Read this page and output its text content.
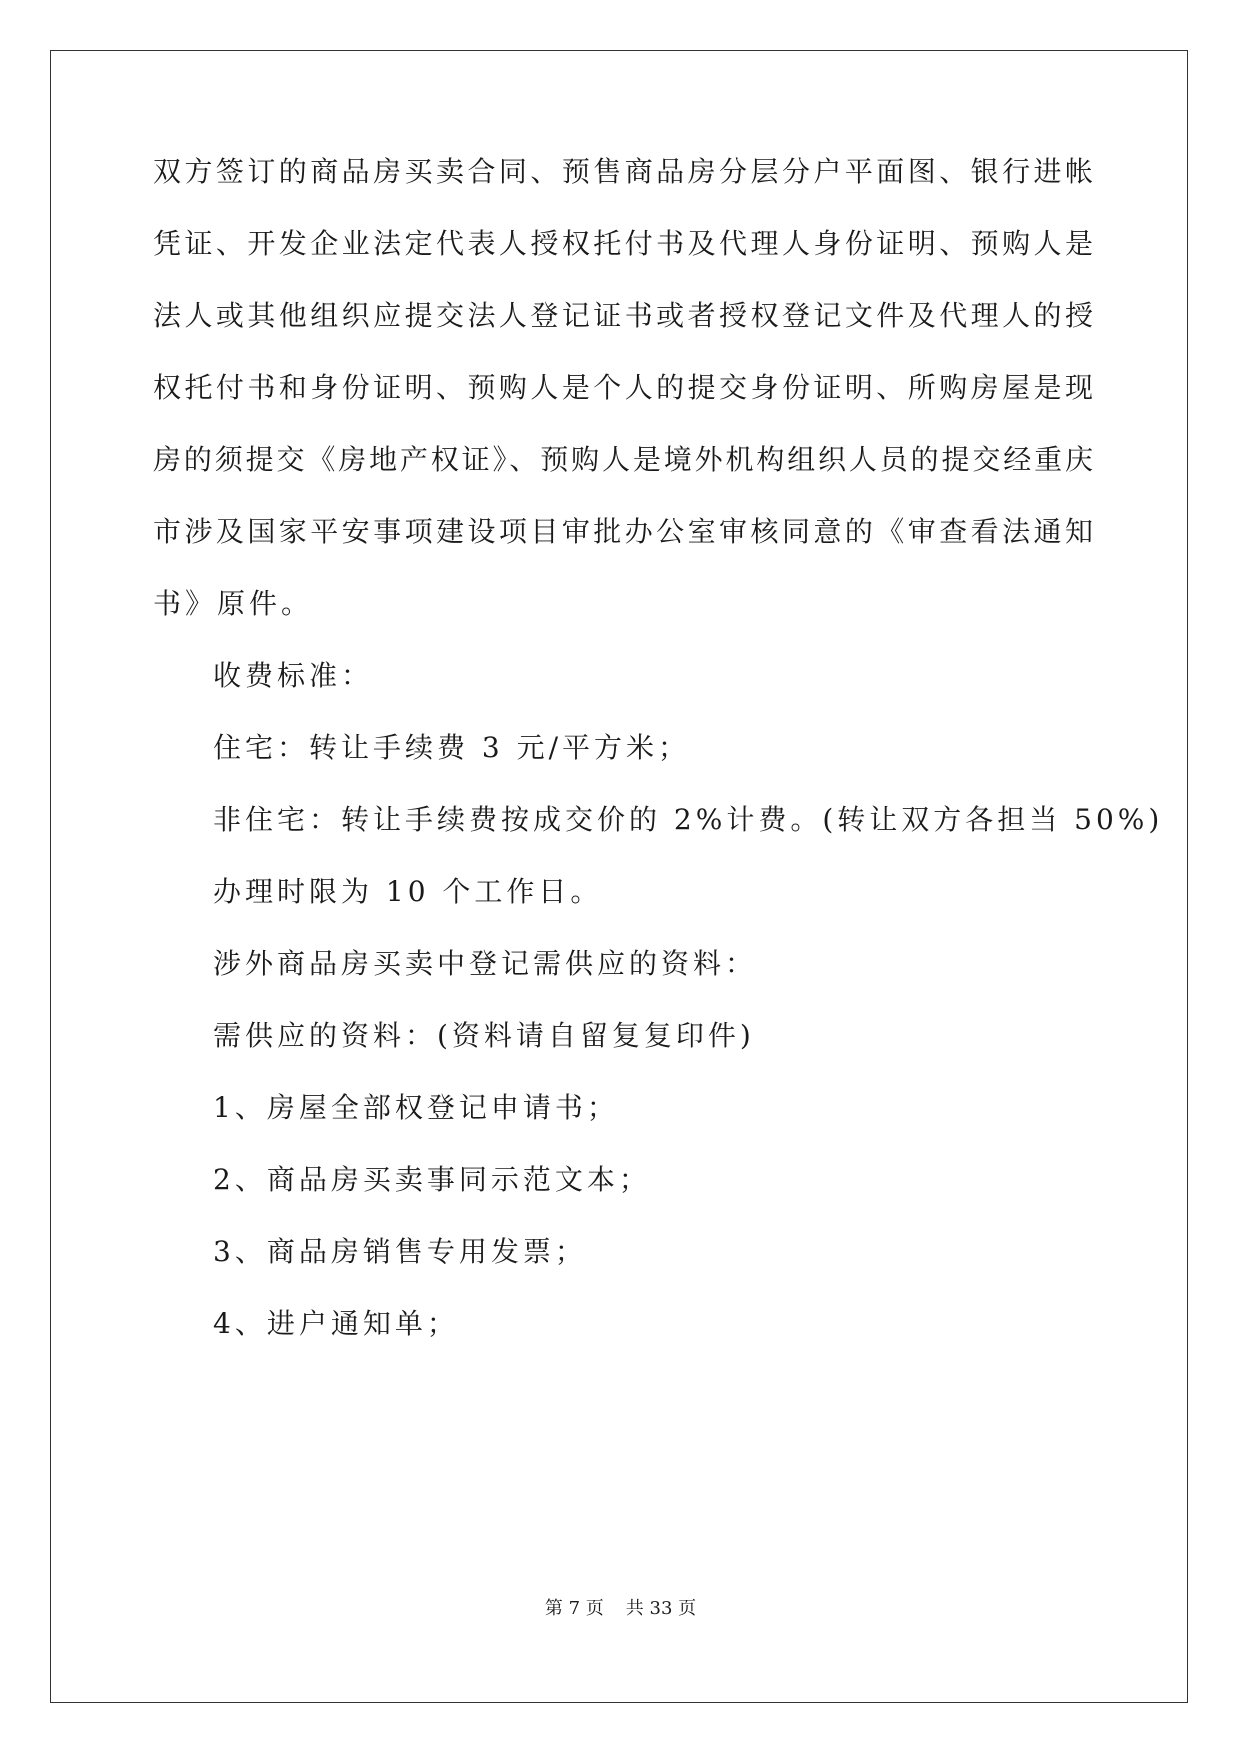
双方签订的商品房买卖合同、预售商品房分层分户平面图、银行进帐
凭证、开发企业法定代表人授权托付书及代理人身份证明、预购人是
法人或其他组织应提交法人登记证书或者授权登记文件及代理人的授
权托付书和身份证明、预购人是个人的提交身份证明、所购房屋是现
房的须提交《房地产权证》、预购人是境外机构组织人员的提交经重庆
市涉及国家平安事项建设项目审批办公室审核同意的《审查看法通知
书》原件。
收费标准：
住宅：转让手续费 3 元/平方米；
非住宅：转让手续费按成交价的 2%计费。(转让双方各担当 50%)
办理时限为 10 个工作日。
涉外商品房买卖中登记需供应的资料：
需供应的资料：(资料请自留复复印件)
1、房屋全部权登记申请书；
2、商品房买卖事同示范文本；
3、商品房销售专用发票；
4、进户通知单；
第 7 页 共 33 页
